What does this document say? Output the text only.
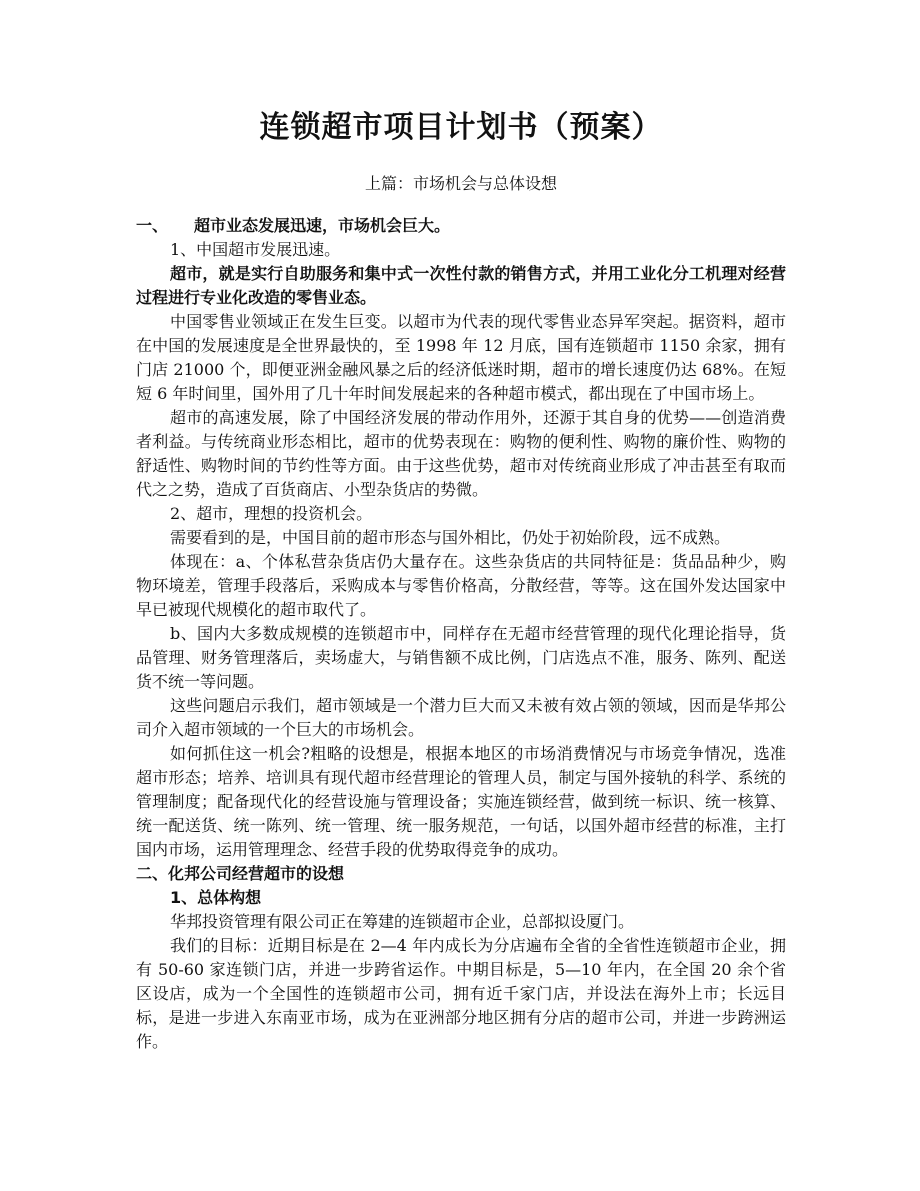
连锁超市项目计划书（预案）

上篇：市场机会与总体设想

一、 超市业态发展迅速，市场机会巨大。

1、中国超市发展迅速。

超市，就是实行自助服务和集中式一次性付款的销售方式，并用工业化分工机理对经营过程进行专业化改造的零售业态。

中国零售业领域正在发生巨变。以超市为代表的现代零售业态异军突起。据资料，超市在中国的发展速度是全世界最快的，至 1998 年 12 月底，国有连锁超市 1150 余家，拥有门店 21000 个，即便亚洲金融风暴之后的经济低迷时期，超市的增长速度仍达 68%。在短短 6 年时间里，国外用了几十年时间发展起来的各种超市模式，都出现在了中国市场上。

超市的高速发展，除了中国经济发展的带动作用外，还源于其自身的优势——创造消费者利益。与传统商业形态相比，超市的优势表现在：购物的便利性、购物的廉价性、购物的舒适性、购物时间的节约性等方面。由于这些优势，超市对传统商业形成了冲击甚至有取而代之之势，造成了百货商店、小型杂货店的势微。

2、超市，理想的投资机会。

需要看到的是，中国目前的超市形态与国外相比，仍处于初始阶段，远不成熟。

体现在：a、个体私营杂货店仍大量存在。这些杂货店的共同特征是：货品品种少，购物环境差，管理手段落后，采购成本与零售价格高，分散经营，等等。这在国外发达国家中早已被现代规模化的超市取代了。

b、国内大多数成规模的连锁超市中，同样存在无超市经营管理的现代化理论指导，货品管理、财务管理落后，卖场虚大，与销售额不成比例，门店选点不准，服务、陈列、配送货不统一等问题。

这些问题启示我们，超市领域是一个潜力巨大而又未被有效占领的领域，因而是华邦公司介入超市领域的一个巨大的市场机会。

如何抓住这一机会?粗略的设想是，根据本地区的市场消费情况与市场竞争情况，选准超市形态；培养、培训具有现代超市经营理论的管理人员，制定与国外接轨的科学、系统的管理制度；配备现代化的经营设施与管理设备；实施连锁经营，做到统一标识、统一核算、统一配送货、统一陈列、统一管理、统一服务规范，一句话，以国外超市经营的标准，主打国内市场，运用管理理念、经营手段的优势取得竞争的成功。

二、化邦公司经营超市的设想

1、总体构想

华邦投资管理有限公司正在筹建的连锁超市企业，总部拟设厦门。

我们的目标：近期目标是在 2—4 年内成长为分店遍布全省的全省性连锁超市企业，拥有 50-60 家连锁门店，并进一步跨省运作。中期目标是，5—10 年内，在全国 20 余个省区设店，成为一个全国性的连锁超市公司，拥有近千家门店，并设法在海外上市；长远目标，是进一步进入东南亚市场，成为在亚洲部分地区拥有分店的超市公司，并进一步跨洲运作。
